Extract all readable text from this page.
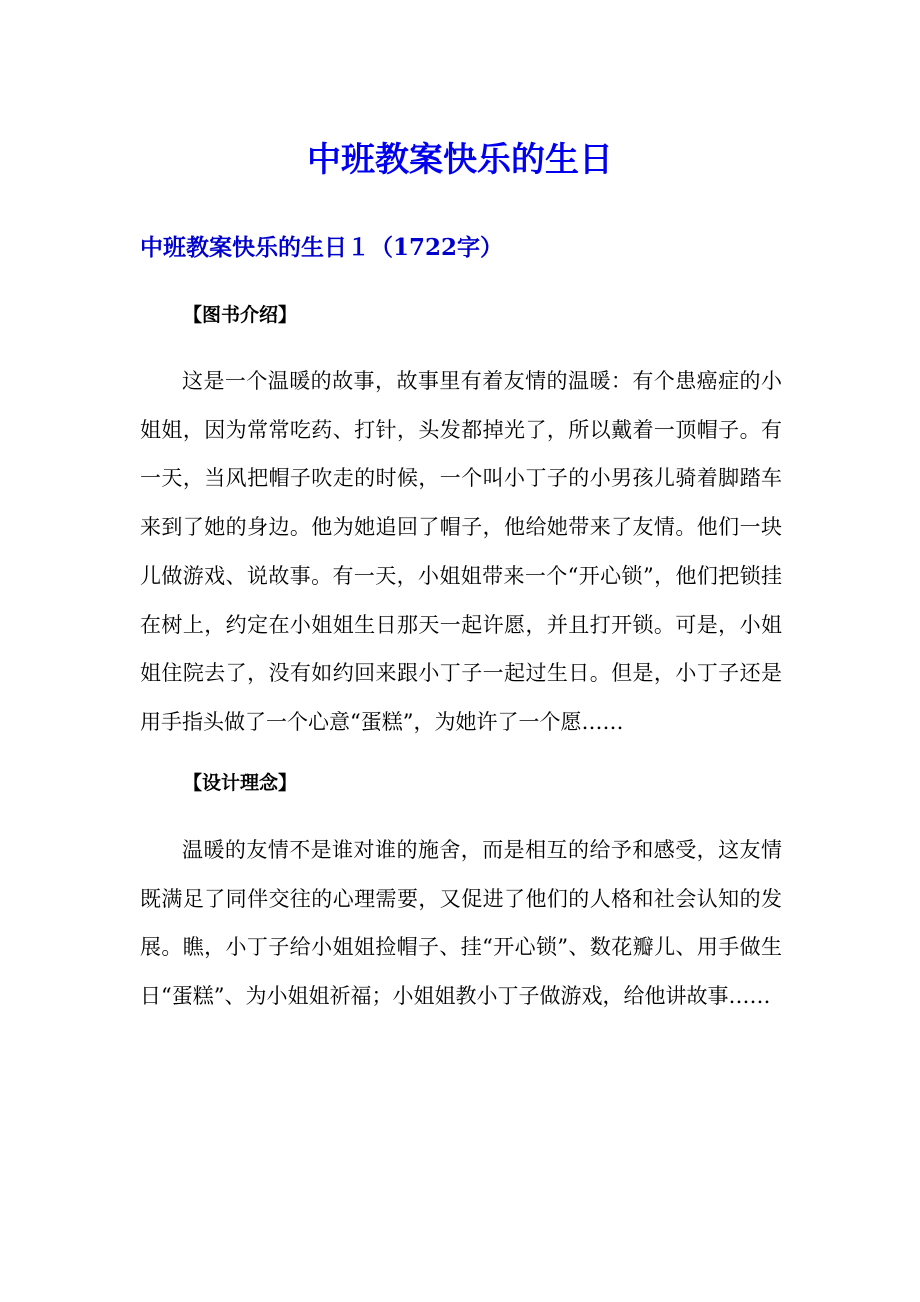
中班教案快乐的生日
中班教案快乐的生日１（1722字）
【图书介绍】

这是一个温暖的故事，故事里有着友情的温暖：有个患癌症的小姐姐，因为常常吃药、打针，头发都掉光了，所以戴着一顶帽子。有一天，当风把帽子吹走的时候，一个叫小丁子的小男孩儿骑着脚踏车来到了她的身边。他为她追回了帽子，他给她带来了友情。他们一块儿做游戏、说故事。有一天，小姐姐带来一个“开心锁”，他们把锁挂在树上，约定在小姐姐生日那天一起许愿，并且打开锁。可是，小姐姐住院去了，没有如约回来跟小丁子一起过生日。但是，小丁子还是用手指头做了一个心意“蛋糕”，为她许了一个愿……

【设计理念】

温暖的友情不是谁对谁的施舍，而是相互的给予和感受，这友情既满足了同伴交往的心理需要，又促进了他们的人格和社会认知的发展。瞧，小丁子给小姐姐捡帽子、挂“开心锁”、数花瓣儿、用手做生日“蛋糕”、为小姐姐祈福；小姐姐教小丁子做游戏，给他讲故事……
